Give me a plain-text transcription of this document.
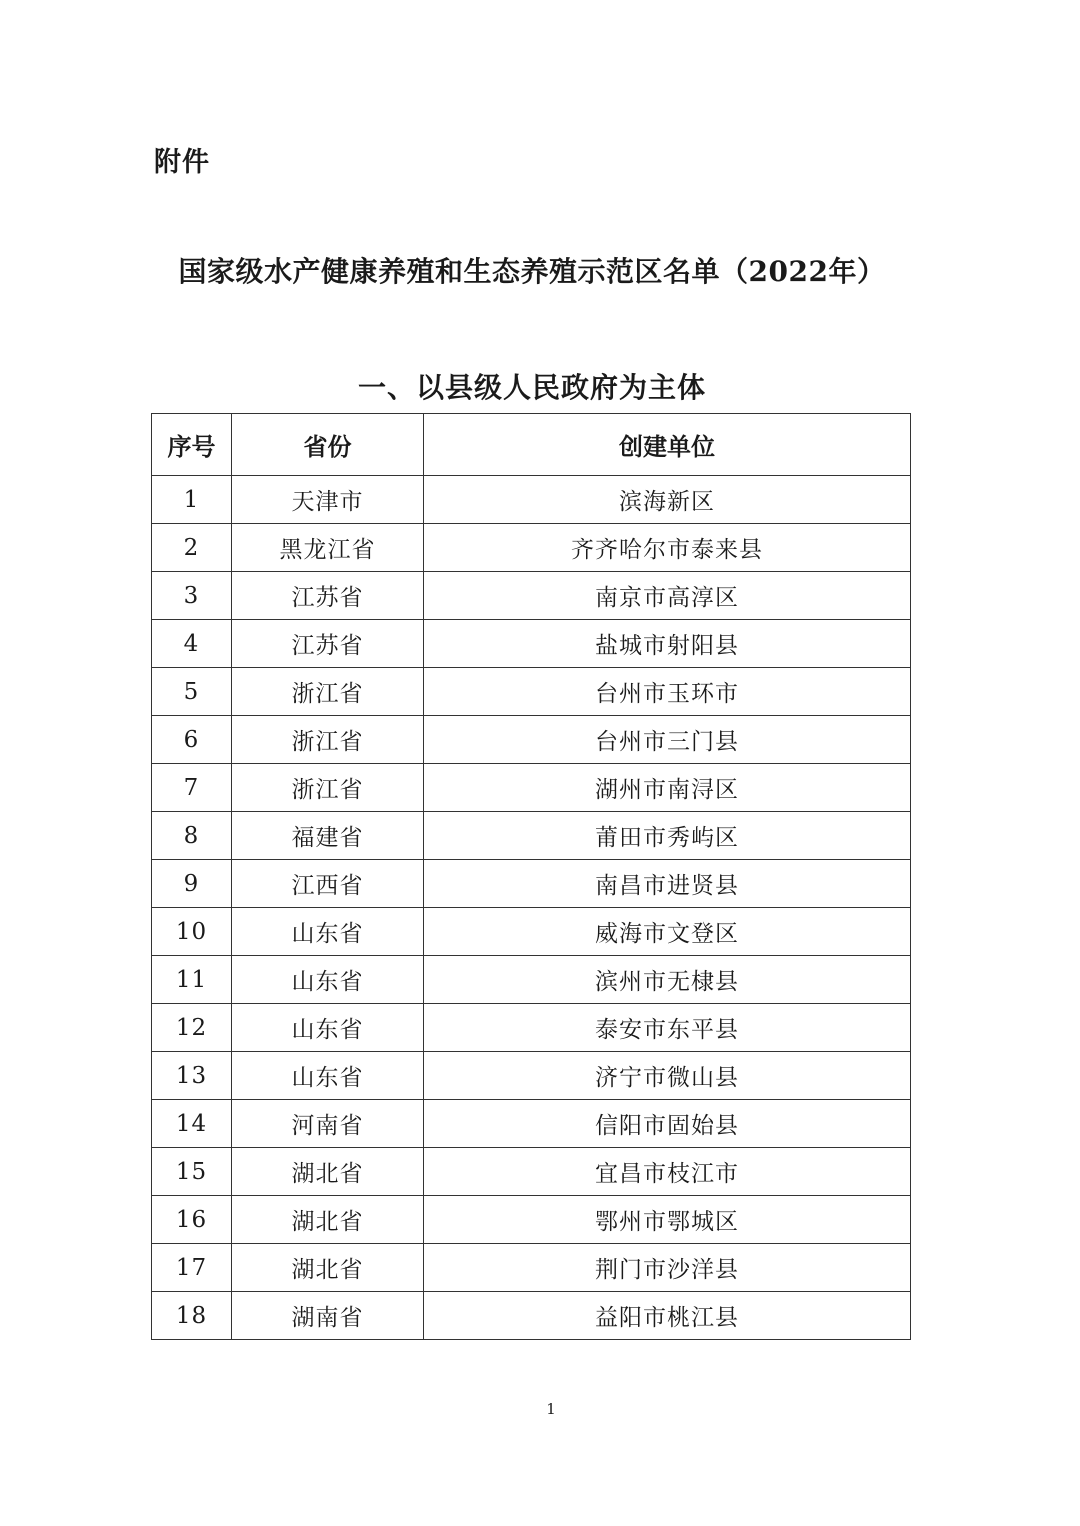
附件
国家级水产健康养殖和生态养殖示范区名单（2022年）
一、以县级人民政府为主体
序号	省份	创建单位
1	天津市	滨海新区
2	黑龙江省	齐齐哈尔市泰来县
3	江苏省	南京市高淳区
4	江苏省	盐城市射阳县
5	浙江省	台州市玉环市
6	浙江省	台州市三门县
7	浙江省	湖州市南浔区
8	福建省	莆田市秀屿区
9	江西省	南昌市进贤县
10	山东省	威海市文登区
11	山东省	滨州市无棣县
12	山东省	泰安市东平县
13	山东省	济宁市微山县
14	河南省	信阳市固始县
15	湖北省	宜昌市枝江市
16	湖北省	鄂州市鄂城区
17	湖北省	荆门市沙洋县
18	湖南省	益阳市桃江县
1
